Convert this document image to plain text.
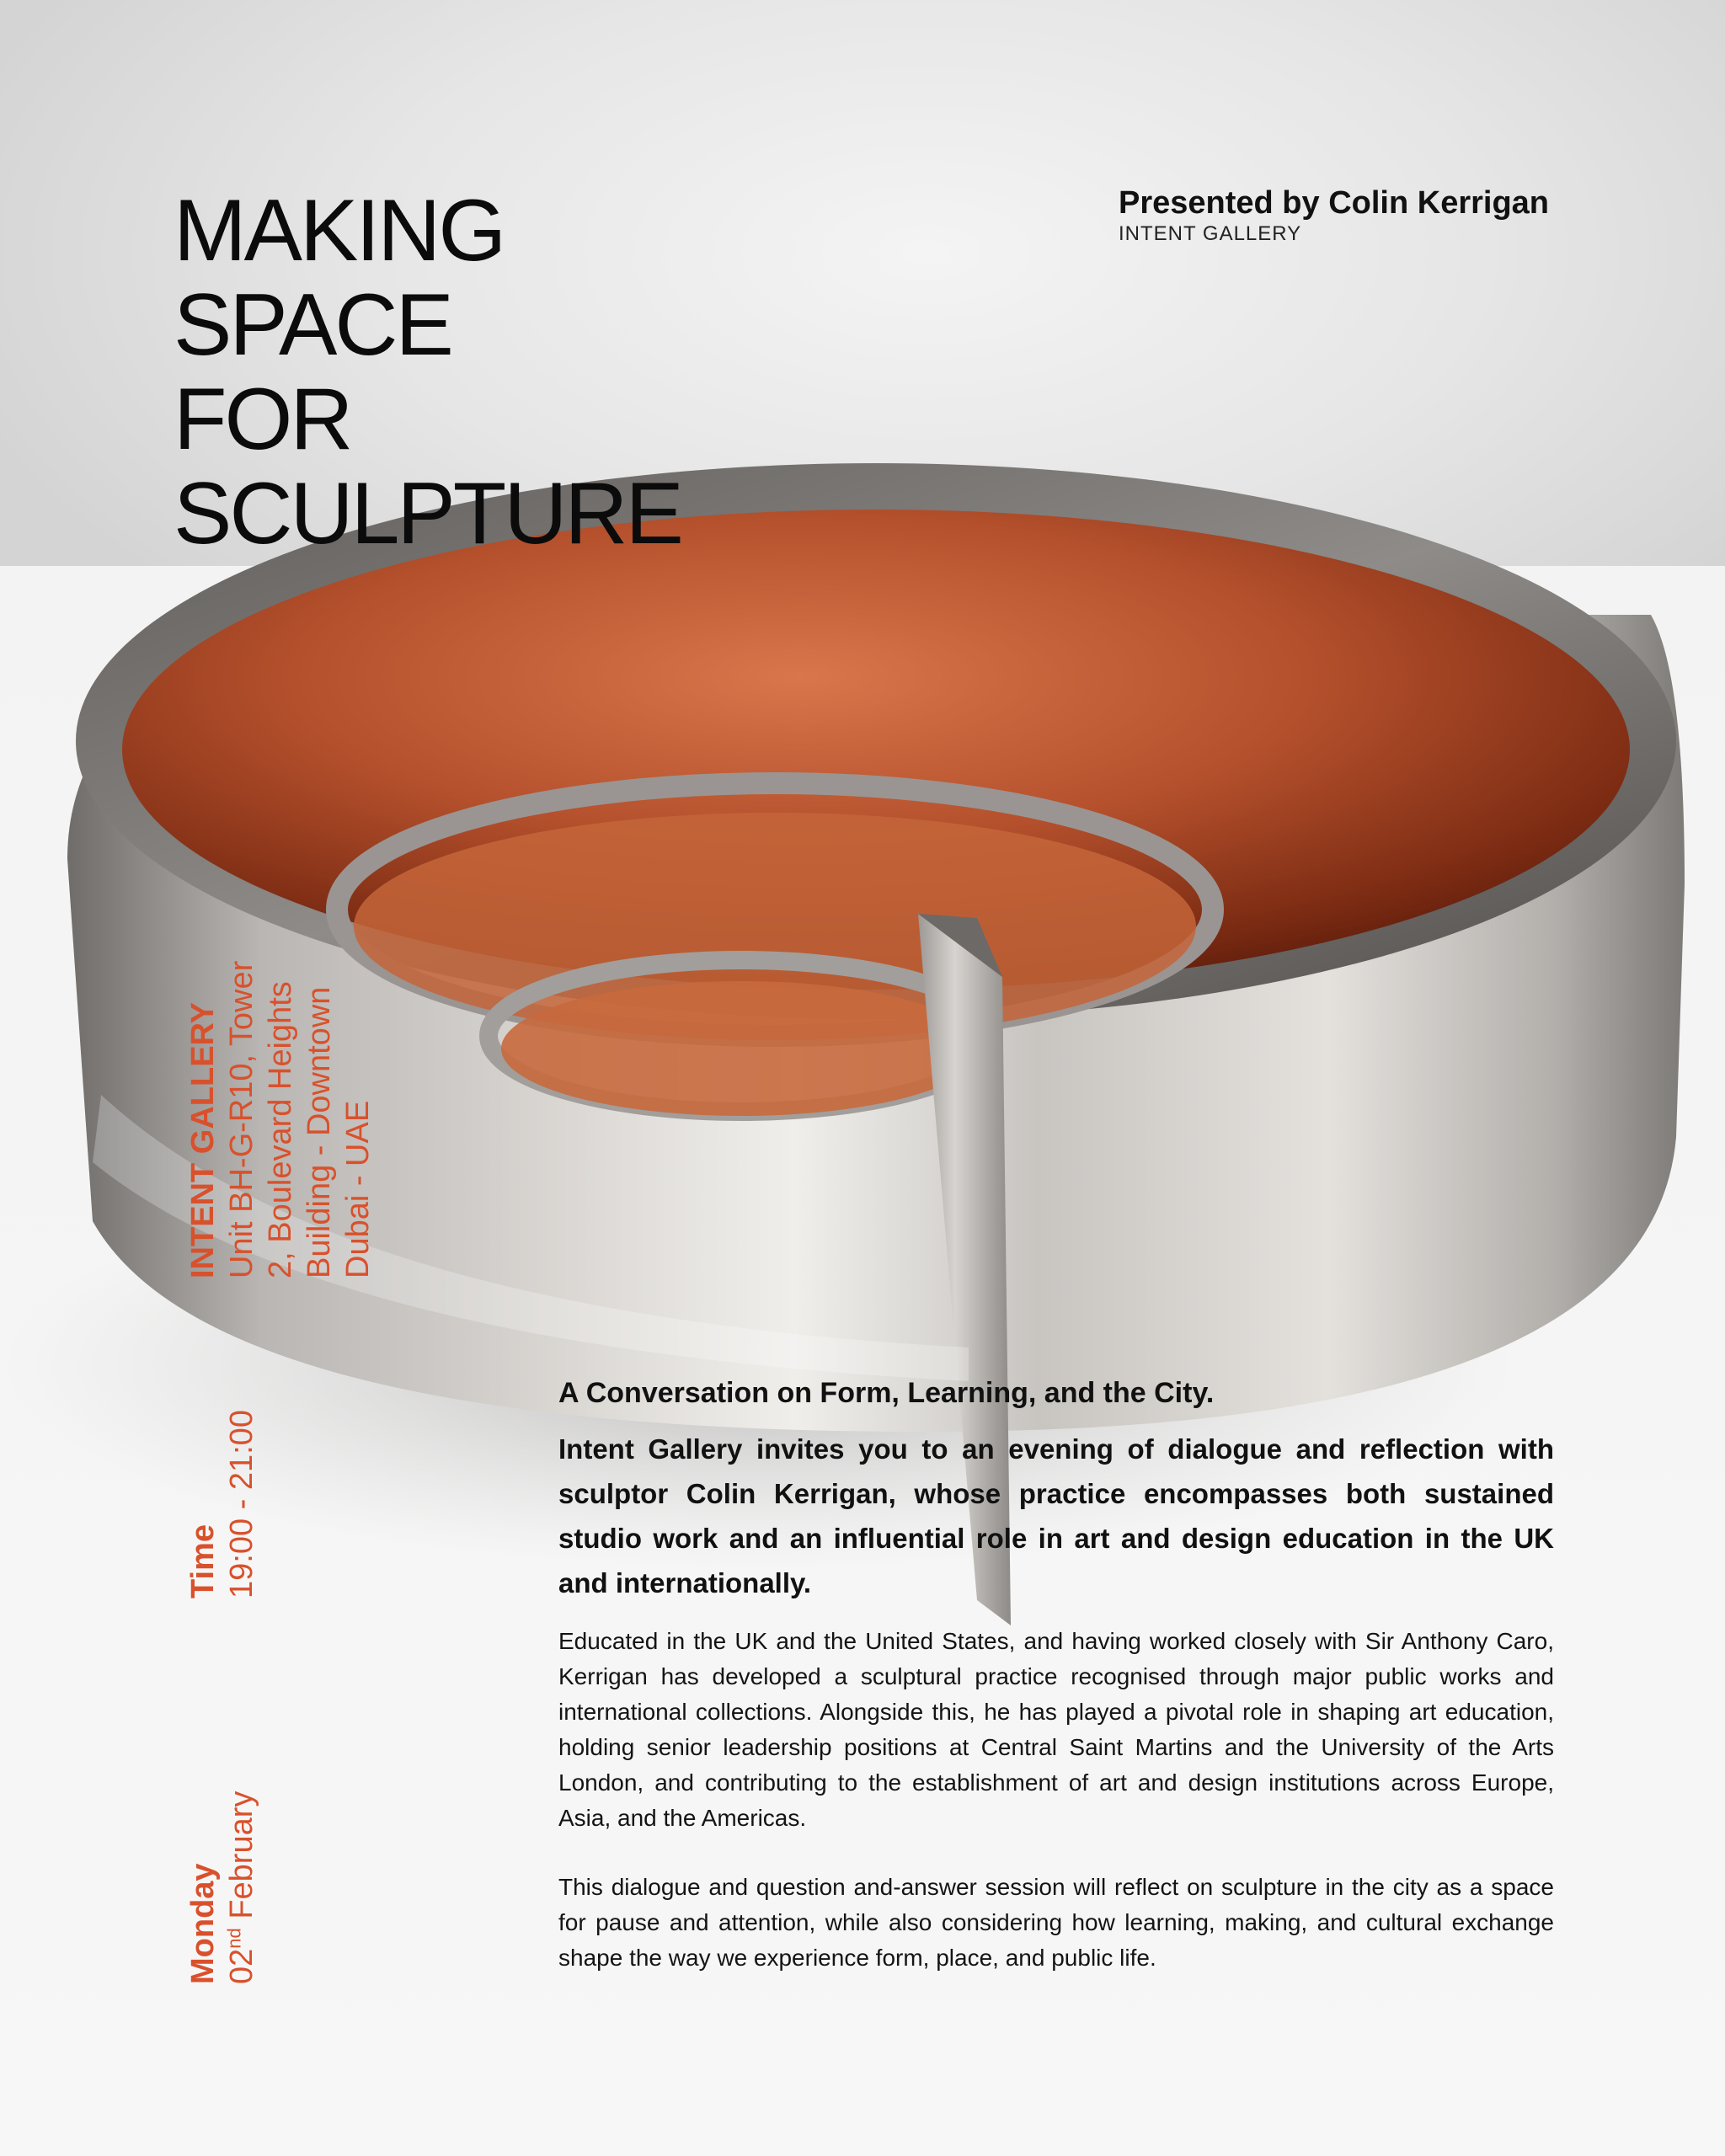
MAKING
SPACE
FOR
SCULPTURE
Presented by Colin Kerrigan
INTENT GALLERY
INTENT GALLERY Unit BH-G-R10, Tower 2, Boulevard Heights Building - Downtown Dubai - UAE
Time 19:00 - 21:00
Monday 02nd February

A Conversation on Form, Learning, and the City.

Intent Gallery invites you to an evening of dialogue and reflection with sculptor Colin Kerrigan, whose practice encompasses both sustained studio work and an influential role in art and design education in the UK and internationally.

Educated in the UK and the United States, and having worked closely with Sir Anthony Caro, Kerrigan has developed a sculptural practice recognised through major public works and international collections. Alongside this, he has played a pivotal role in shaping art education, holding senior leadership positions at Central Saint Martins and the University of the Arts London, and contributing to the establishment of art and design institutions across Europe, Asia, and the Americas.

This dialogue and question and-answer session will reflect on sculpture in the city as a space for pause and attention, while also considering how learning, making, and cultural exchange shape the way we experience form, place, and public life.
